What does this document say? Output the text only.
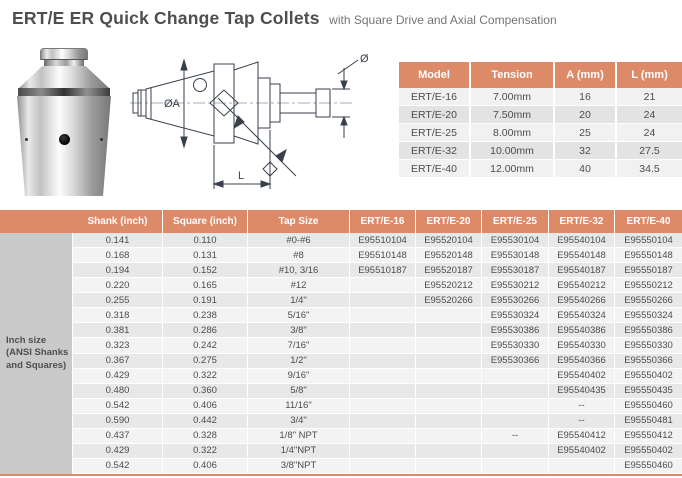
ERT/E ER Quick Change Tap Collets with Square Drive and Axial Compensation
ØA
Ø
L
Model	Tension	A (mm)	L (mm)
ERT/E-16	7.00mm	16	21
ERT/E-20	7.50mm	20	24
ERT/E-25	8.00mm	25	24
ERT/E-32	10.00mm	32	27.5
ERT/E-40	12.00mm	40	34.5
	Shank (inch)	Square (inch)	Tap Size	ERT/E-16	ERT/E-20	ERT/E-25	ERT/E-32	ERT/E-40
Inch size (ANSI Shanks and Squares)	0.141	0.110	#0-#6	E95510104	E95520104	E95530104	E95540104	E95550104
	0.168	0.131	#8	E95510148	E95520148	E95530148	E95540148	E95550148
	0.194	0.152	#10, 3/16	E95510187	E95520187	E95530187	E95540187	E95550187
	0.220	0.165	#12		E95520212	E95530212	E95540212	E95550212
	0.255	0.191	1/4"		E95520266	E95530266	E95540266	E95550266
	0.318	0.238	5/16"			E95530324	E95540324	E95550324
	0.381	0.286	3/8"			E95530386	E95540386	E95550386
	0.323	0.242	7/16"			E95530330	E95540330	E95550330
	0.367	0.275	1/2"			E95530366	E95540366	E95550366
	0.429	0.322	9/16"				E95540402	E95550402
	0.480	0.360	5/8"				E95540435	E95550435
	0.542	0.406	11/16"				--	E95550460
	0.590	0.442	3/4"				--	E95550481
	0.437	0.328	1/8" NPT			--	E95540412	E95550412
	0.429	0.322	1/4"NPT				E95540402	E95550402
	0.542	0.406	3/8"NPT					E95550460
